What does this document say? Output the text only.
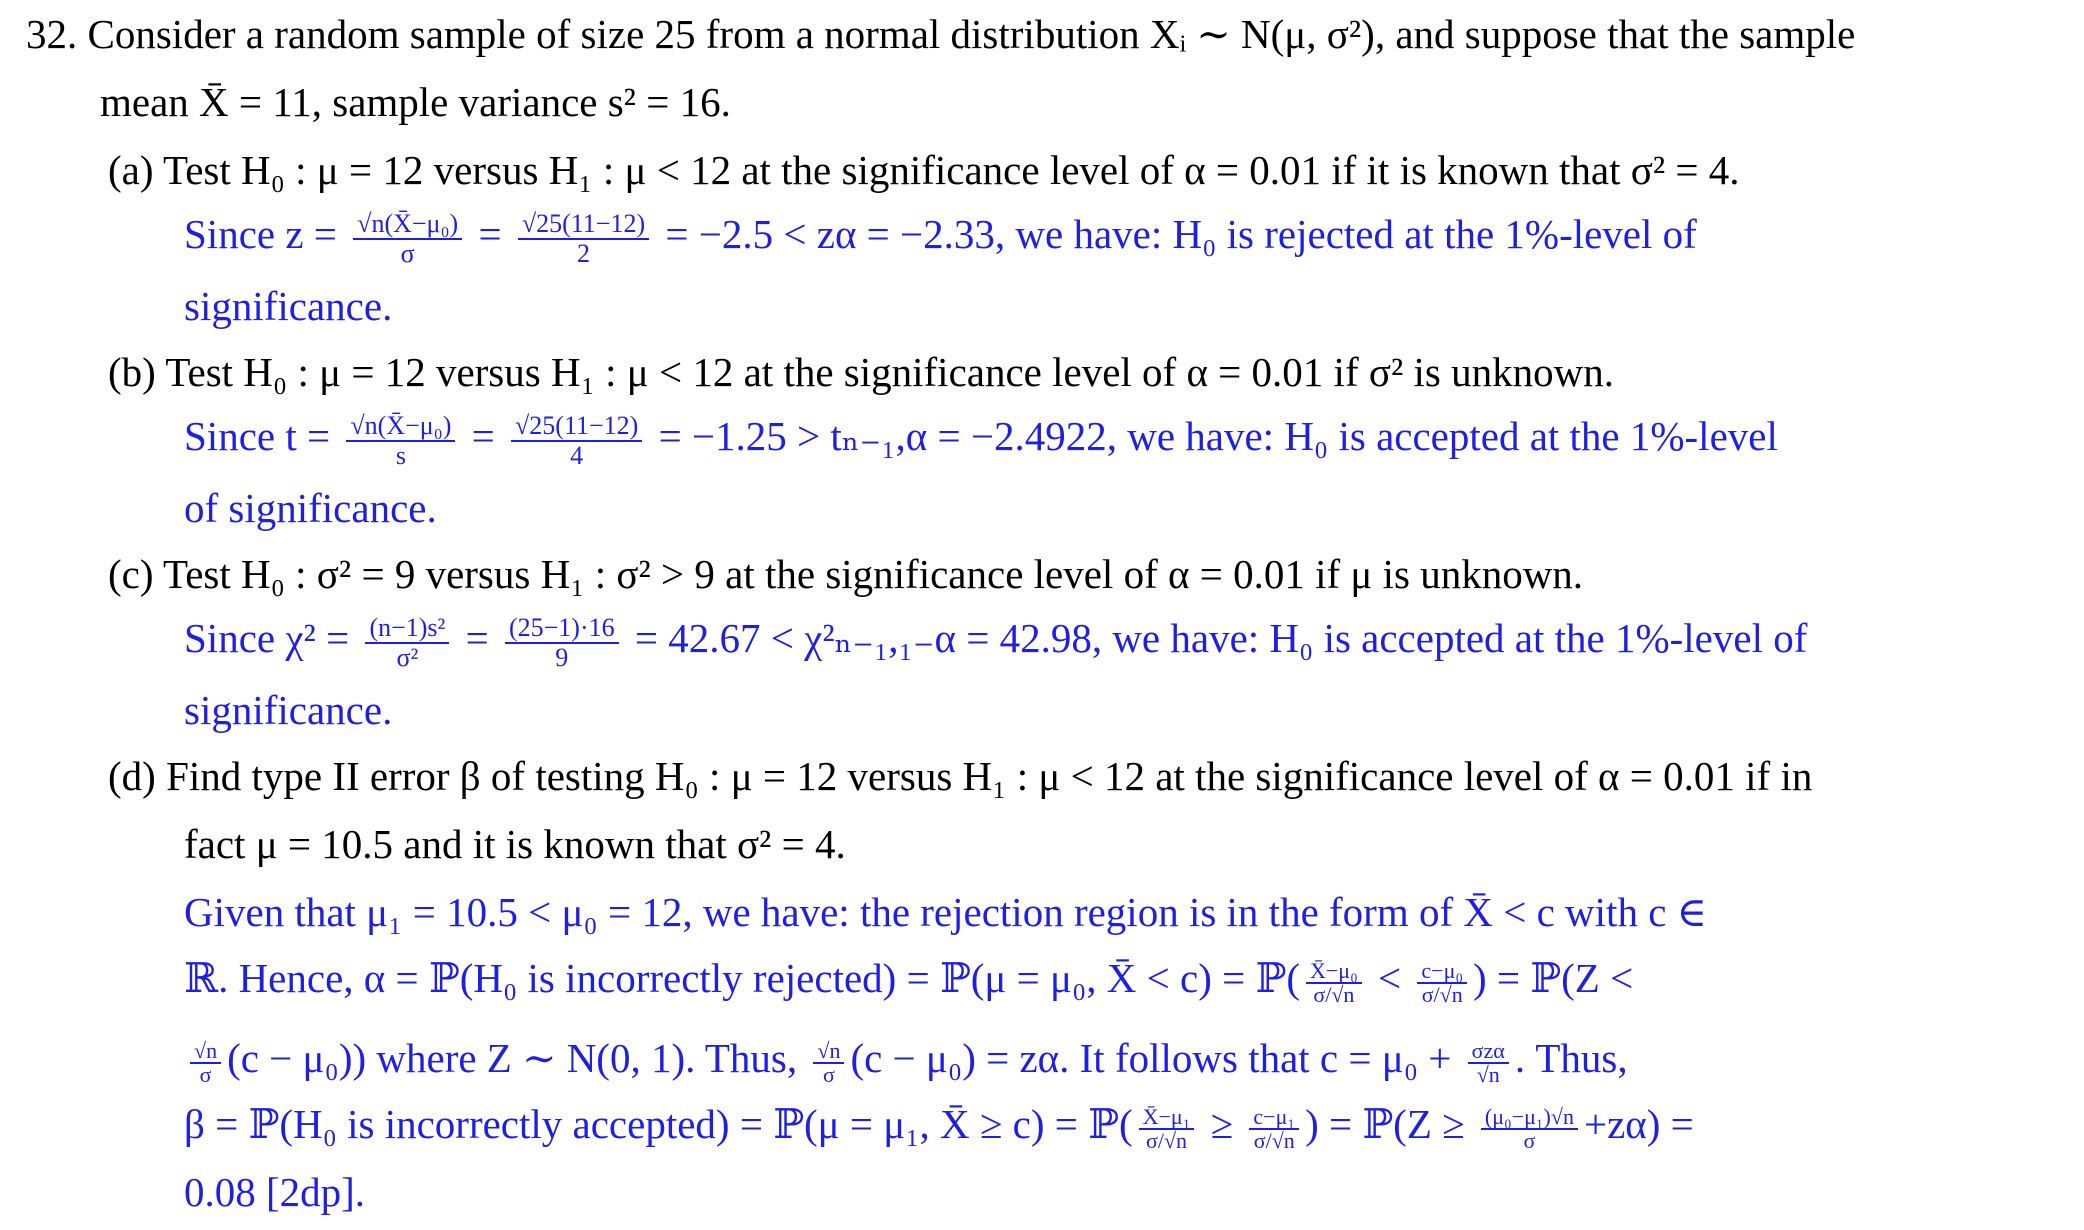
32. Consider a random sample of size 25 from a normal distribution Xᵢ ∼ N(μ, σ²), and suppose that the sample
mean X̄ = 11, sample variance s² = 16.
(a) Test H₀ : μ = 12 versus H₁ : μ < 12 at the significance level of α = 0.01 if it is known that σ² = 4.
Since $z = \frac{\text{√n(X̄−μ₀)}}{\sigma} = \frac{√25(11-12)}{2} = -2.5 < z\alpha = -2.33$, we have: H₀ is rejected at the 1%-level of
significance.
(b) Test H₀ : μ = 12 versus H₁ : μ < 12 at the significance level of α = 0.01 if σ² is unknown.
Since $t = \frac{\text{√n(X̄−μ₀)}}{s} = \frac{√25(11-12)}{4} = -1.25 > t_{n-1},\alpha = -2.4922$, we have: H₀ is accepted at the 1%-level
of significance.
(c) Test H₀ : σ² = 9 versus H₁ : σ² > 9 at the significance level of α = 0.01 if μ is unknown.
Since $\chi^2 = \frac{\text{(n−1)s²}}{\text{σ²}} = \frac{(25-1)\cdot 16}{9} = 42.67 < \chi^2_{n-1},_{1-}\alpha = 42.98$, we have: H₀ is accepted at the 1%-level of
significance.
(d) Find type II error β of testing H₀ : μ = 12 versus H₁ : μ < 12 at the significance level of α = 0.01 if in
fact μ = 10.5 and it is known that σ² = 4.
Given that μ₁ = 10.5 < μ₀ = 12, we have: the rejection region is in the form of X̄ < c with c ∈
ℝ. Hence, α = ℙ(H₀ is incorrectly rejected) = ℙ(μ = μ₀, X̄ < c) = ℙ( $\frac{\text{X̄−μ₀}}{\sigma/√n} < \frac{\text{c−μ₀}}{\sigma/√n}$ ) = ℙ(Z <
$\frac{√n}{\sigma} (c - \mu_0)$) where Z ∼ N(0, 1). Thus, $\frac{√n}{\sigma} (c - \mu_0) = z\alpha$. It follows that $c = \mu_0 + \frac{\text{σzα}}{√n}$ . Thus,
β = ℙ(H₀ is incorrectly accepted) = ℙ(μ = μ₁, X̄ ≥ c) = ℙ( $\frac{\text{X̄−μ₁}}{\sigma/√n} \ge \frac{\text{c−μ₁}}{\sigma/√n}$ ) = ℙ(Z ≥ $\frac{\text{(μ₀−μ₁)√n}}{\sigma} +z\alpha$) =
0.08 [2dp].
